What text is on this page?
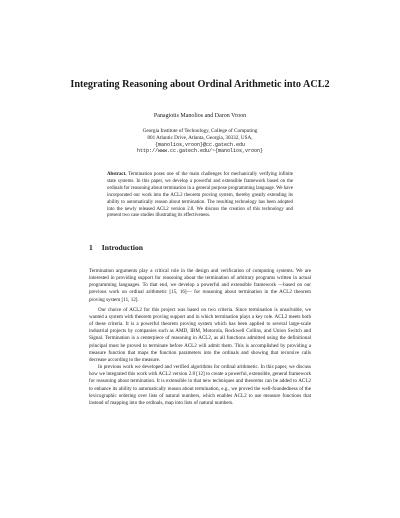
Integrating Reasoning about Ordinal Arithmetic into ACL2
Panagiotis Manolios and Daron Vroon
Georgia Institute of Technology, College of Computing
801 Atlantic Drive, Atlanta, Georgia, 30332, USA,
{manolios,vroon}@cc.gatech.edu
http://www.cc.gatech.edu/~{manolios,vroon}

Abstract. Termination poses one of the main challenges for mechanically verifying infinite state systems. In this paper, we develop a powerful and extensible framework based on the ordinals for reasoning about termination in a general purpose programming language. We have incorporated our work into the ACL2 theorem proving system, thereby greatly extending its ability to automatically reason about termination. The resulting technology has been adopted into the newly released ACL2 version 2.8. We discuss the creation of this technology and present two case studies illustrating its effectiveness.

1 Introduction

Termination arguments play a critical role in the design and verification of computing systems. We are interested in providing support for reasoning about the termination of arbitrary programs written in actual programming languages. To that end, we develop a powerful and extensible framework —based on our previous work on ordinal arithmetic [15, 16]— for reasoning about termination in the ACL2 theorem proving system [11, 12].

Our choice of ACL2 for this project was based on two criteria. Since termination is unsolvable, we wanted a system with theorem proving support and in which termination plays a key role. ACL2 meets both of these criteria. It is a powerful theorem proving system which has been applied to several large-scale industrial projects by companies such as AMD, IBM, Motorola, Rockwell Collins, and Union Switch and Signal. Termination is a centerpiece of reasoning in ACL2, as all functions admitted using the definitional principal must be proved to terminate before ACL2 will admit them. This is accomplished by providing a measure function that maps the function parameters into the ordinals and showing that recursive calls decrease according to the measure.

In previous work we developed and verified algorithms for ordinal arithmetic. In this paper, we discuss how we integrated this work with ACL2 version 2.8 [12] to create a powerful, extensible, general framework for reasoning about termination. It is extensible in that new techniques and theorems can be added to ACL2 to enhance its ability to automatically reason about termination, e.g., we proved the well-foundedness of the lexicographic ordering over lists of natural numbers, which enables ACL2 to use measure functions that instead of mapping into the ordinals, map into lists of natural numbers.
